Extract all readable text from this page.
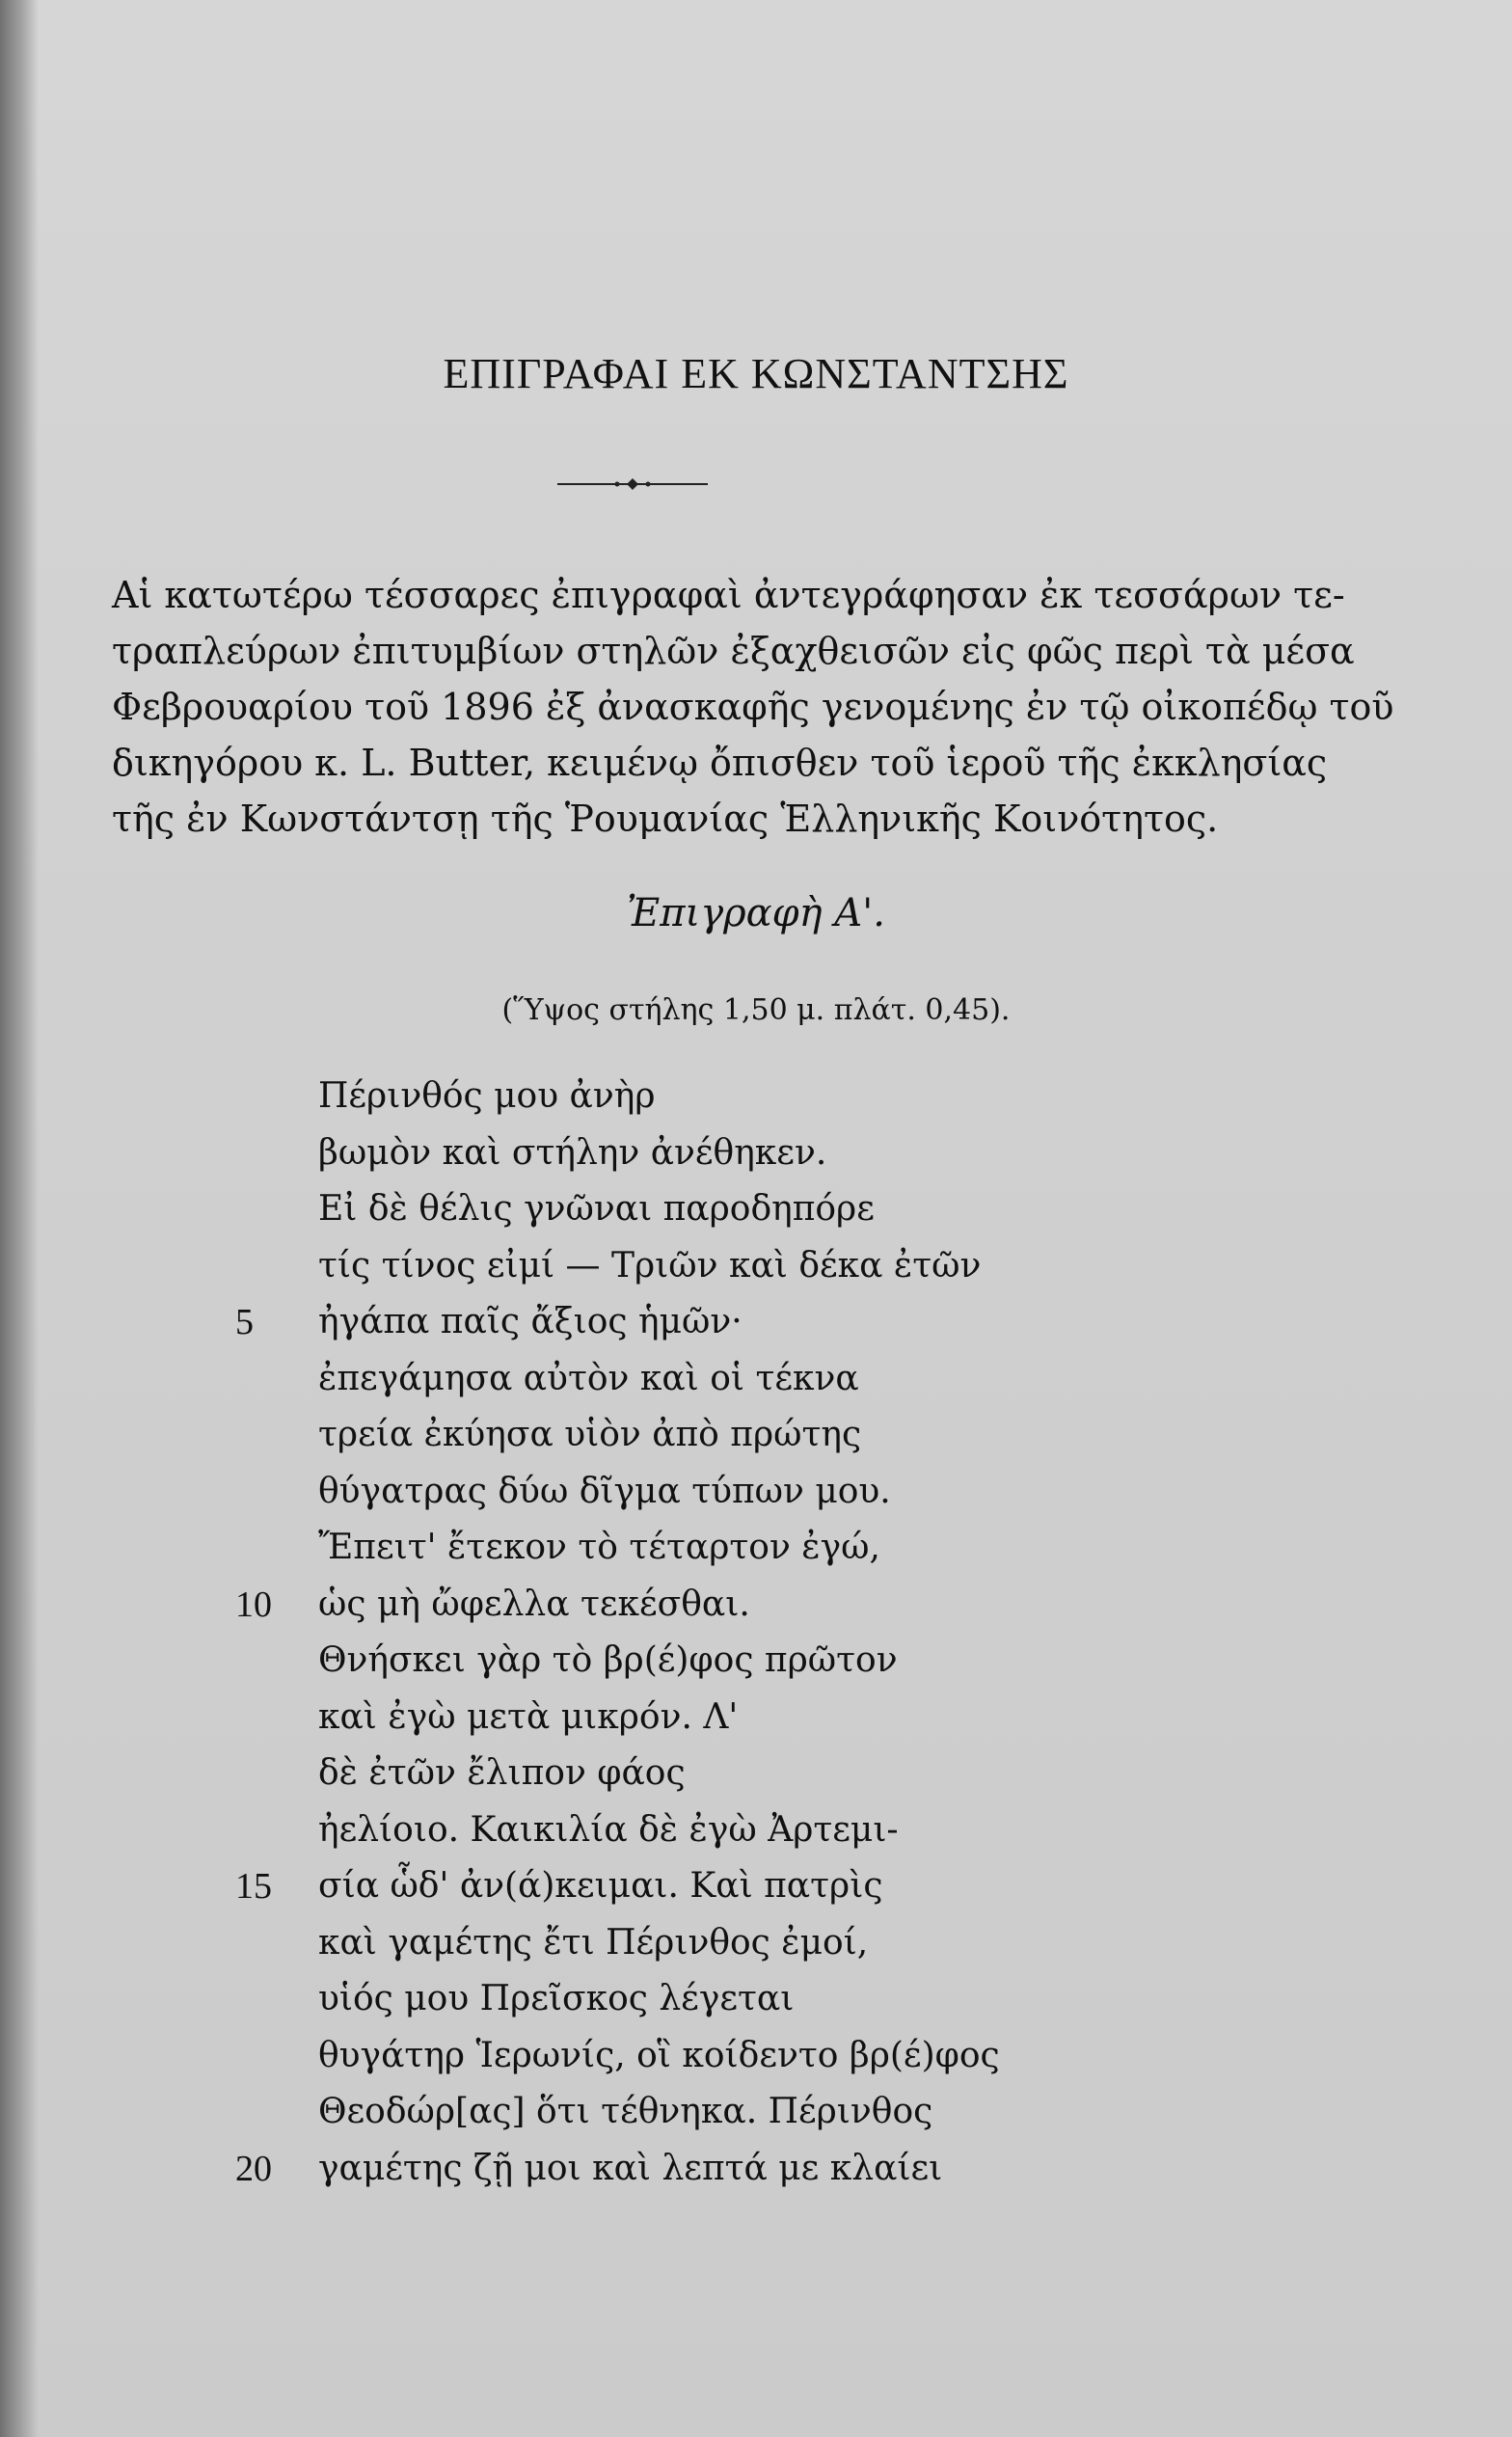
ΕΠΙΓΡΑΦΑΙ ΕΚ ΚΩΝΣΤΑΝΤΣΗΣ
Αἱ κατωτέρω τέσσαρες ἐπιγραφαὶ ἀντεγράφησαν ἐκ τεσσάρων τε-
τραπλεύρων ἐπιτυμβίων στηλῶν ἐξαχθεισῶν εἰς φῶς περὶ τὰ μέσα
Φεβρουαρίου τοῦ 1896 ἐξ ἀνασκαφῆς γενομένης ἐν τῷ οἰκοπέδῳ τοῦ
δικηγόρου κ. L. Butter, κειμένῳ ὄπισθεν τοῦ ἱεροῦ τῆς ἐκκλησίας
τῆς ἐν Κωνστάντσῃ τῆς Ῥουμανίας Ἑλληνικῆς Κοινότητος.
Ἐπιγραφὴ Α'.
(Ὕψος στήλης 1,50 μ. πλάτ. 0,45).
Πέρινθός μου ἀνὴρ
βωμὸν καὶ στήλην ἀνέθηκεν.
Εἰ δὲ θέλις γνῶναι παροδηπόρε
τίς τίνος εἰμί — Τριῶν καὶ δέκα ἐτῶν
5	ἠγάπα παῖς ἄξιος ἡμῶν·
ἐπεγάμησα αὐτὸν καὶ οἱ τέκνα
τρεία ἐκύησα υἱὸν ἀπὸ πρώτης
θύγατρας δύω δῖγμα τύπων μου.
Ἔπειτ' ἔτεκον τὸ τέταρτον ἐγώ,
10	ὡς μὴ ὤφελλα τεκέσθαι.
Θνήσκει γὰρ τὸ βρ(έ)φος πρῶτον
καὶ ἐγὼ μετὰ μικρόν. Λ'
δὲ ἐτῶν ἔλιπον φάος
ἠελίοιο. Καικιλία δὲ ἐγὼ Ἀρτεμι-
15	σία ὧδ' ἀν(ά)κειμαι. Καὶ πατρὶς
καὶ γαμέτης ἔτι Πέρινθος ἐμοί,
υἱός μου Πρεῖσκος λέγεται
θυγάτηρ Ἱερωνίς, οἳ κοίδεντο βρ(έ)φος
Θεοδώρ[ας] ὅτι τέθνηκα. Πέρινθος
20	γαμέτης ζῇ μοι καὶ λεπτά με κλαίει
